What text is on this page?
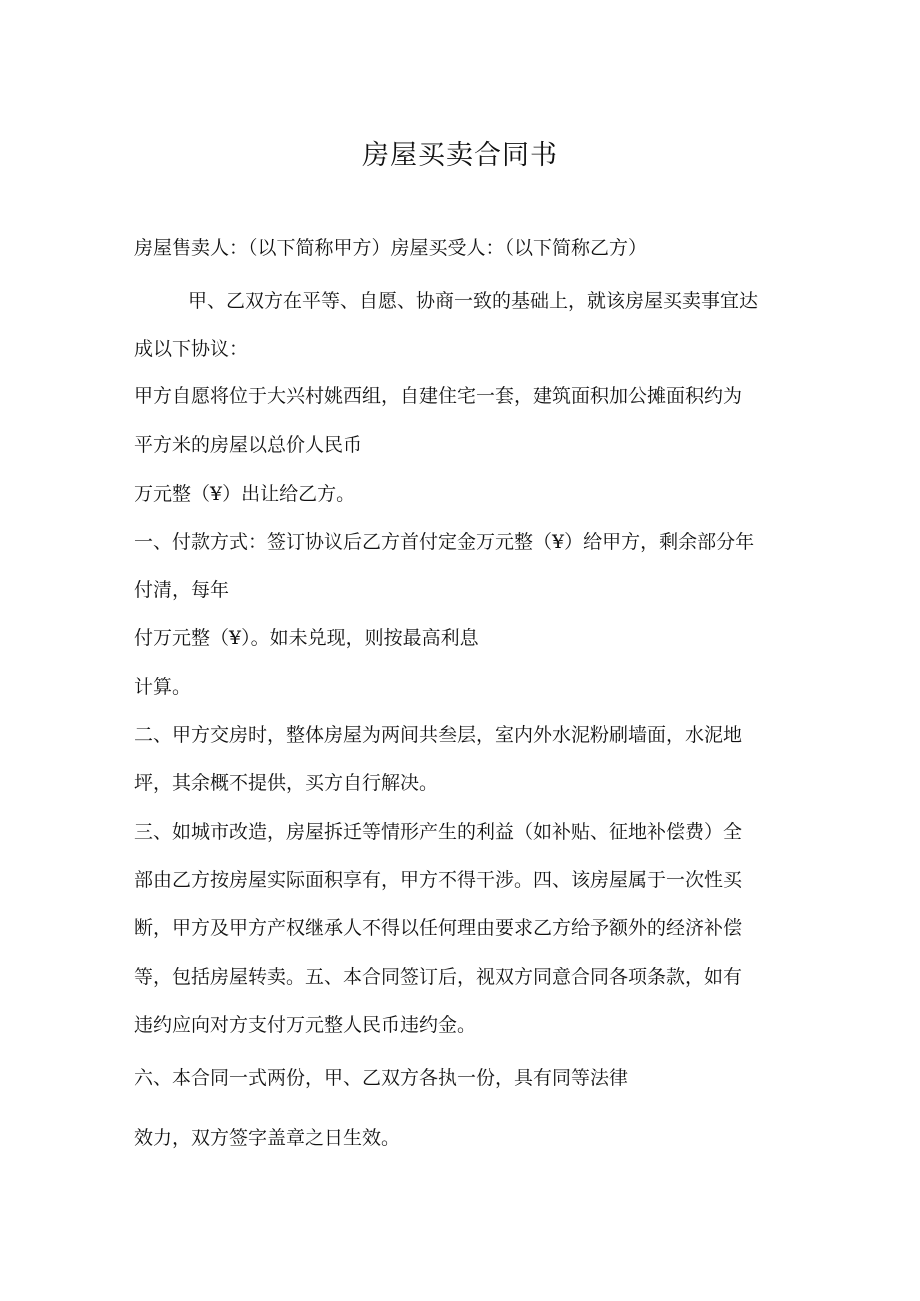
房屋买卖合同书

房屋售卖人：（以下简称甲方）房屋买受人：（以下简称乙方）

甲、乙双方在平等、自愿、协商一致的基础上，就该房屋买卖事宜达

成以下协议：

甲方自愿将位于大兴村姚西组，自建住宅一套，建筑面积加公摊面积约为

平方米的房屋以总价人民币

万元整（¥）出让给乙方。

一、付款方式：签订协议后乙方首付定金万元整（¥）给甲方，剩余部分年

付清，每年

付万元整（¥）。如未兑现，则按最高利息

计算。

二、甲方交房时，整体房屋为两间共叁层，室内外水泥粉刷墙面，水泥地

坪，其余概不提供，买方自行解决。

三、如城市改造，房屋拆迁等情形产生的利益（如补贴、征地补偿费）全

部由乙方按房屋实际面积享有，甲方不得干涉。四、该房屋属于一次性买

断，甲方及甲方产权继承人不得以任何理由要求乙方给予额外的经济补偿

等，包括房屋转卖。五、本合同签订后，视双方同意合同各项条款，如有

违约应向对方支付万元整人民币违约金。

六、本合同一式两份，甲、乙双方各执一份，具有同等法律

效力，双方签字盖章之日生效。
